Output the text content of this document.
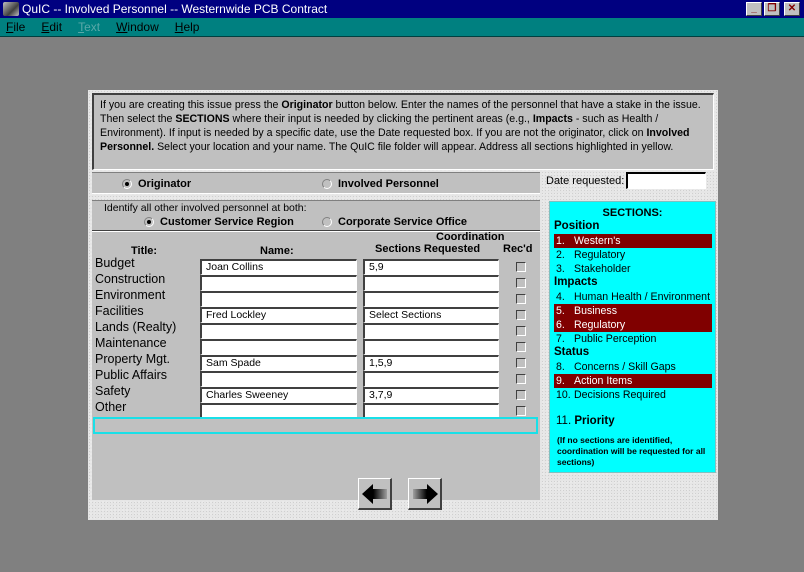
QuIC -- Involved Personnel -- Westernwide PCB Contract	_	❐	✕
File	Edit	Text	Window	Help
If you are creating this issue press the Originator button below. Enter the names of the personnel that have a stake in the issue. Then select the SECTIONS where their input is needed by clicking the pertinent areas (e.g., Impacts - such as Health / Environment). If input is needed by a specific date, use the Date requested box. If you are not the originator, click on Involved Personnel. Select your location and your name. The QuIC file folder will appear. Address all sections highlighted in yellow.
Originator	Involved Personnel	Date requested:
Identify all other involved personnel at both:
Customer Service Region	Corporate Service Office
Title:	Name:
Coordination
Sections Requested Rec'd
Budget	Joan Collins	5,9
Construction
Environment
Facilities	Fred Lockley	Select Sections
Lands (Realty)
Maintenance
Property Mgt.	Sam Spade	1,5,9
Public Affairs
Safety	Charles Sweeney	3,7,9
Other
SECTIONS:
Position
Impacts
Status
1. Western's
2. Regulatory
3. Stakeholder
4. Human Health / Environment
5. Business
6. Regulatory
7. Public Perception
8. Concerns / Skill Gaps
9. Action Items
10. Decisions Required
11. Priority
(If no sections are identified, coordination will be requested for all sections)
